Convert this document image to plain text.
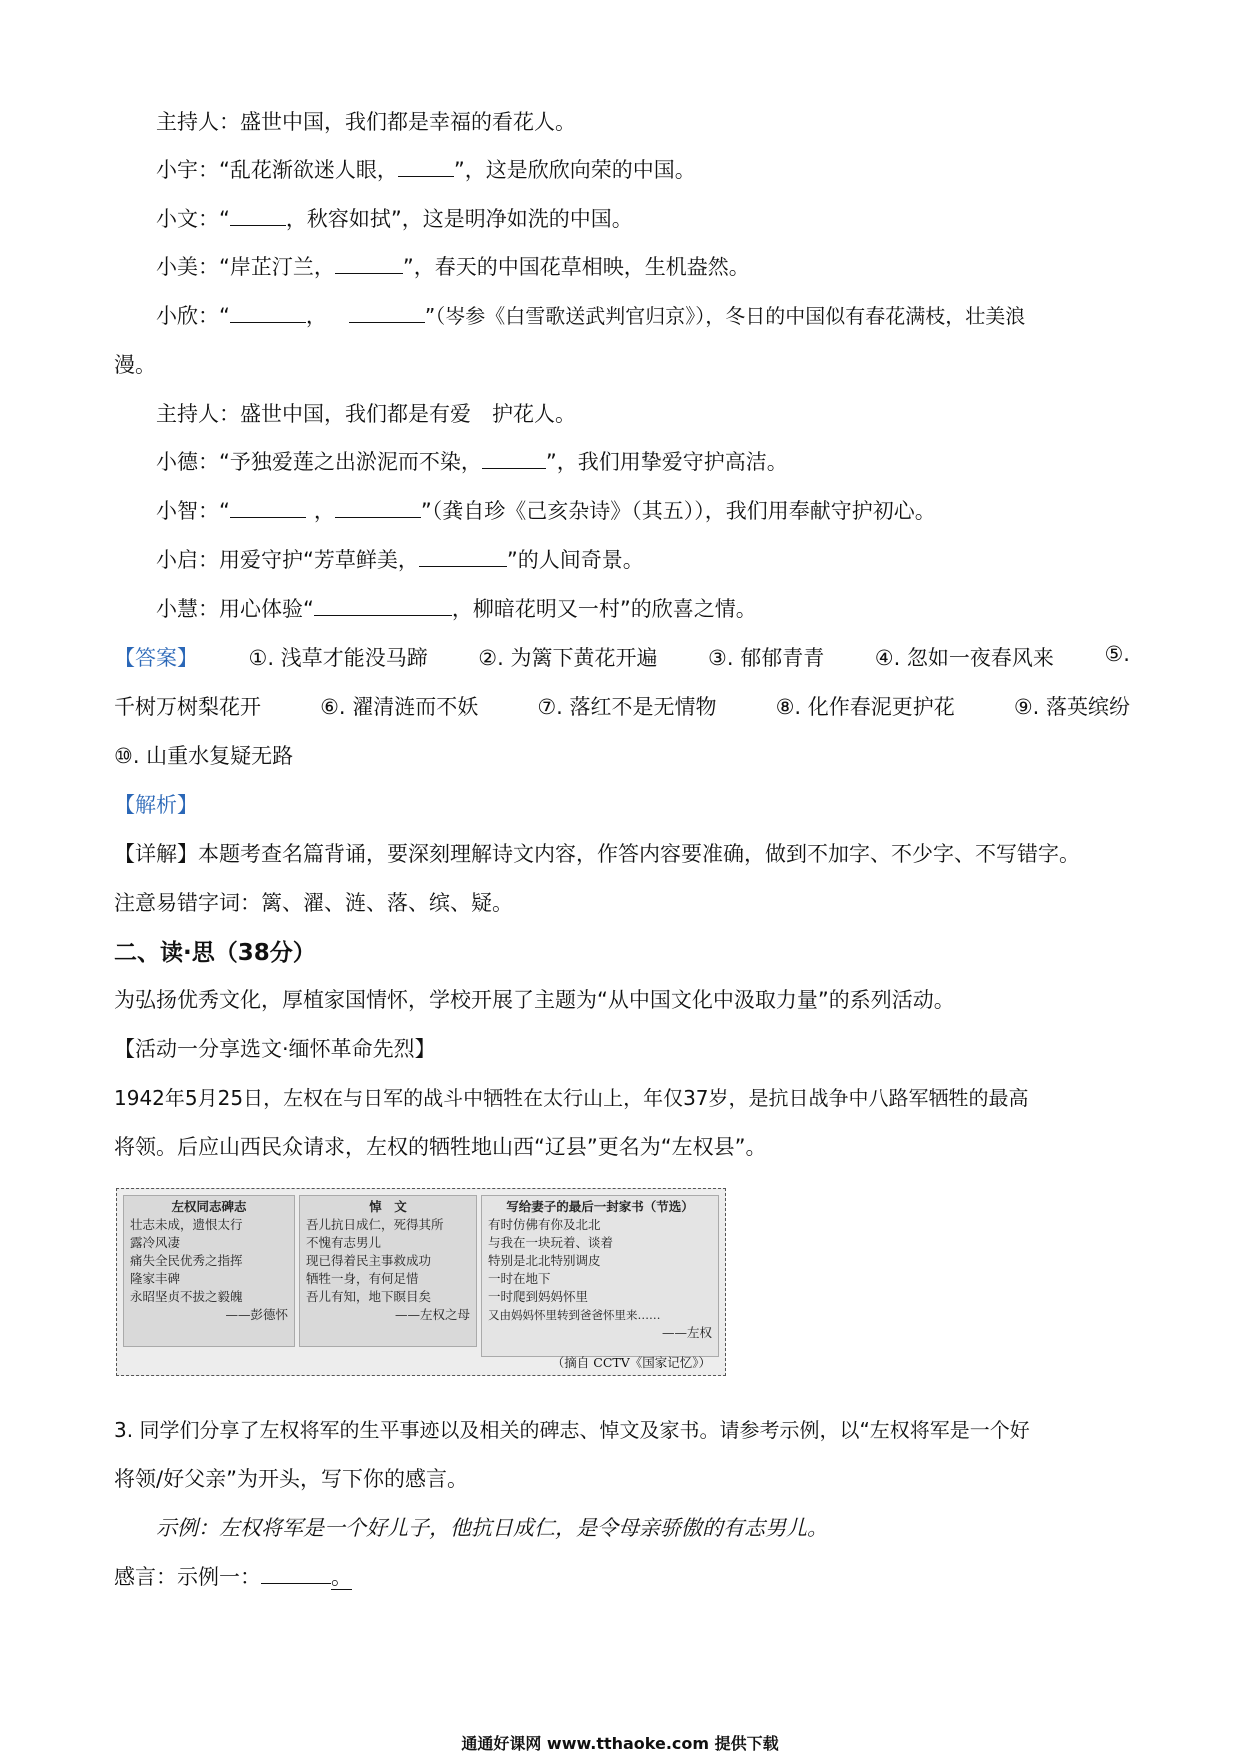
主持人：盛世中国，我们都是幸福的看花人。
小宇：“乱花渐欲迷人眼，	”，这是欣欣向荣的中国。
小文：“	，秋容如拭”，这是明净如洗的中国。
小美：“岸芷汀兰，	”，春天的中国花草相映，生机盎然。
小欣：“	，	”（岑参《白雪歌送武判官归京》），冬日的中国似有春花满枝，壮美浪
漫。
主持人：盛世中国，我们都是有爱　护花人。
小德：“予独爱莲之出淤泥而不染，	”，我们用挚爱守护高洁。
小智：“	，	”（龚自珍《己亥杂诗》（其五）），我们用奉献守护初心。
小启：用爱守护“芳草鲜美，	”的人间奇景。
小慧：用心体验“	，柳暗花明又一村”的欣喜之情。
【答案】 ①. 浅草才能没马蹄 ②. 为篱下黄花开遍 ③. 郁郁青青 ④. 忽如一夜春风来 ⑤.
千树万树梨花开	⑥. 濯清涟而不妖	⑦. 落红不是无情物	⑧. 化作春泥更护花	⑨. 落英缤纷
⑩. 山重水复疑无路
【解析】
【详解】本题考查名篇背诵，要深刻理解诗文内容，作答内容要准确，做到不加字、不少字、不写错字。
注意易错字词：篱、濯、涟、落、缤、疑。
二、读·思（38分）
为弘扬优秀文化，厚植家国情怀，学校开展了主题为“从中国文化中汲取力量”的系列活动。
【活动一分享选文·缅怀革命先烈】
1942年5月25日，左权在与日军的战斗中牺牲在太行山上，年仅37岁，是抗日战争中八路军牺牲的最高
将领。后应山西民众请求，左权的牺牲地山西“辽县”更名为“左权县”。
左权同志碑志
壮志未成，遗恨太行
露冷风凄
痛失全民优秀之指挥
隆家丰碑
永昭坚贞不拔之毅魄
——彭德怀
悼　文
吾儿抗日成仁，死得其所
不愧有志男儿
现已得着民主事救成功
牺牲一身，有何足惜
吾儿有知，地下瞑目矣
——左权之母
写给妻子的最后一封家书（节选）
有时仿佛有你及北北
与我在一块玩着、谈着
特别是北北特别调皮
一时在地下
一时爬到妈妈怀里
又由妈妈怀里转到爸爸怀里来……
——左权
（摘自 CCTV《国家记忆》）
3. 同学们分享了左权将军的生平事迹以及相关的碑志、悼文及家书。请参考示例，以“左权将军是一个好
将领/好父亲”为开头，写下你的感言。
示例：左权将军是一个好儿子，他抗日成仁，是令母亲骄傲的有志男儿。
感言：示例一：	。
通通好课网 www.tthaoke.com 提供下载
